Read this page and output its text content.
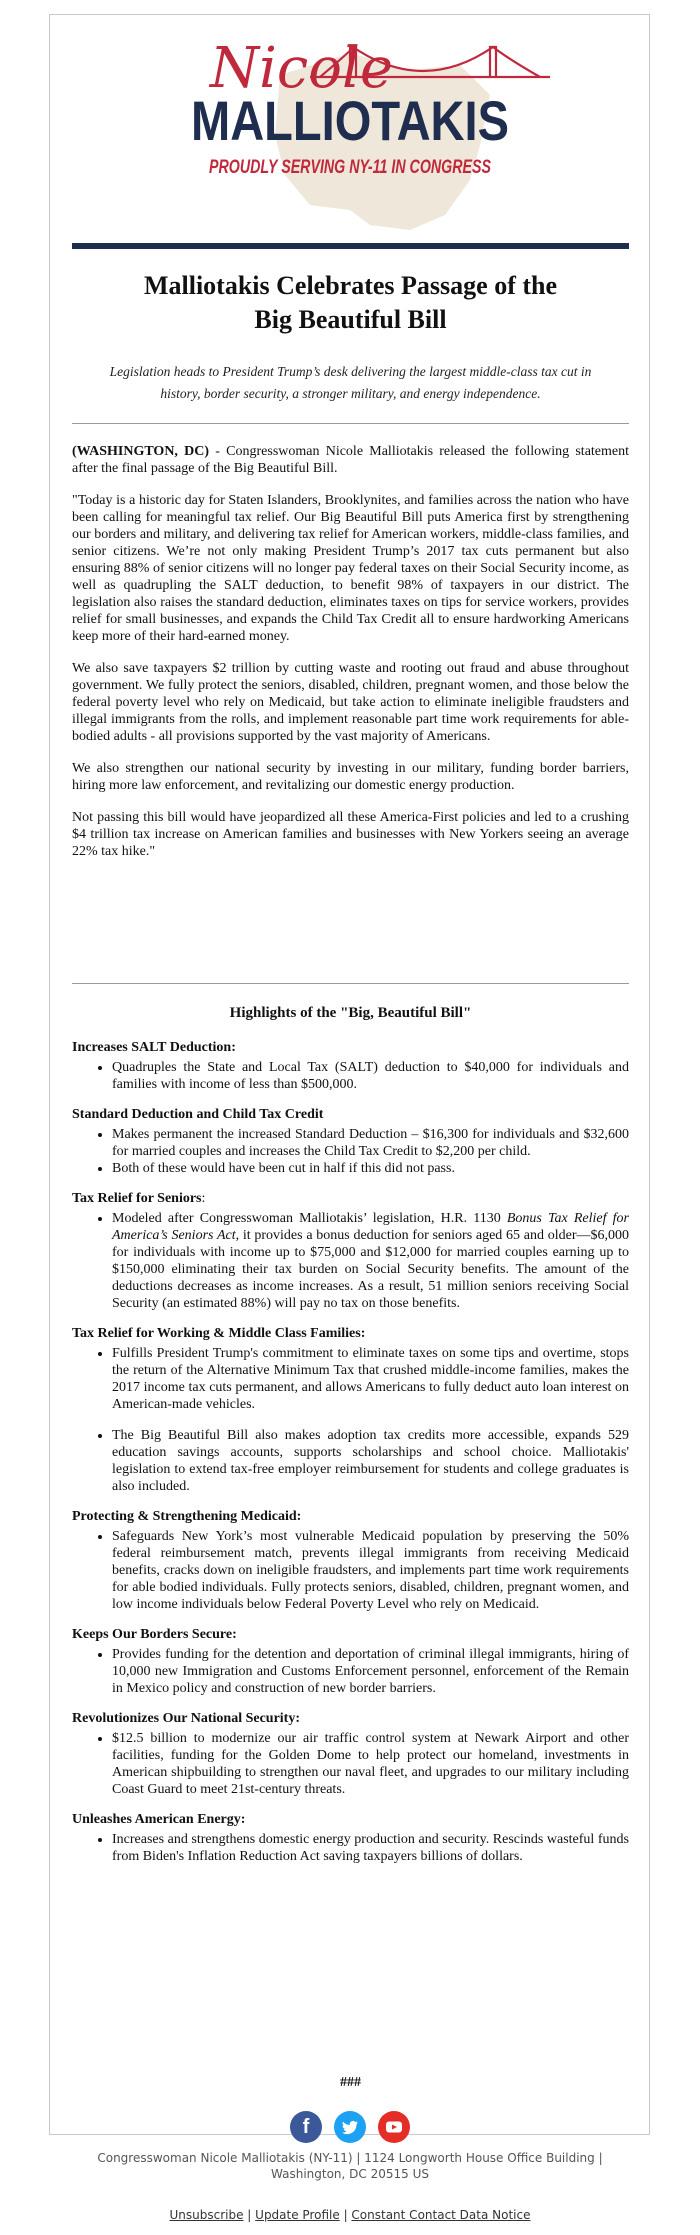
Nicole
MALLIOTAKIS
PROUDLY SERVING NY-11 IN CONGRESS
Malliotakis Celebrates Passage of the
Big Beautiful Bill
Legislation heads to President Trump’s desk delivering the largest middle-class tax cut in
history, border security, a stronger military, and energy independence.

(WASHINGTON, DC) - Congresswoman Nicole Malliotakis released the following statement after the final passage of the Big Beautiful Bill.

"Today is a historic day for Staten Islanders, Brooklynites, and families across the nation who have been calling for meaningful tax relief. Our Big Beautiful Bill puts America first by strengthening our borders and military, and delivering tax relief for American workers, middle-class families, and senior citizens. We’re not only making President Trump’s 2017 tax cuts permanent but also ensuring 88% of senior citizens will no longer pay federal taxes on their Social Security income, as well as quadrupling the SALT deduction, to benefit 98% of taxpayers in our district. The legislation also raises the standard deduction, eliminates taxes on tips for service workers, provides relief for small businesses, and expands the Child Tax Credit all to ensure hardworking Americans keep more of their hard-earned money.

We also save taxpayers $2 trillion by cutting waste and rooting out fraud and abuse throughout government. We fully protect the seniors, disabled, children, pregnant women, and those below the federal poverty level who rely on Medicaid, but take action to eliminate ineligible fraudsters and illegal immigrants from the rolls, and implement reasonable part time work requirements for able-bodied adults - all provisions supported by the vast majority of Americans.

We also strengthen our national security by investing in our military, funding border barriers, hiring more law enforcement, and revitalizing our domestic energy production.

Not passing this bill would have jeopardized all these America-First policies and led to a crushing $4 trillion tax increase on American families and businesses with New Yorkers seeing an average 22% tax hike."

Highlights of the "Big, Beautiful Bill"
Increases SALT Deduction:
• Quadruples the State and Local Tax (SALT) deduction to $40,000 for individuals and families with income of less than $500,000.
Standard Deduction and Child Tax Credit
• Makes permanent the increased Standard Deduction – $16,300 for individuals and $32,600 for married couples and increases the Child Tax Credit to $2,200 per child.
• Both of these would have been cut in half if this did not pass.
Tax Relief for Seniors:
• Modeled after Congresswoman Malliotakis’ legislation, H.R. 1130 Bonus Tax Relief for America’s Seniors Act, it provides a bonus deduction for seniors aged 65 and older—$6,000 for individuals with income up to $75,000 and $12,000 for married couples earning up to $150,000 eliminating their tax burden on Social Security benefits. The amount of the deductions decreases as income increases. As a result, 51 million seniors receiving Social Security (an estimated 88%) will pay no tax on those benefits.
Tax Relief for Working & Middle Class Families:
• Fulfills President Trump's commitment to eliminate taxes on some tips and overtime, stops the return of the Alternative Minimum Tax that crushed middle-income families, makes the 2017 income tax cuts permanent, and allows Americans to fully deduct auto loan interest on American-made vehicles.
• The Big Beautiful Bill also makes adoption tax credits more accessible, expands 529 education savings accounts, supports scholarships and school choice. Malliotakis' legislation to extend tax-free employer reimbursement for students and college graduates is also included.
Protecting & Strengthening Medicaid:
• Safeguards New York’s most vulnerable Medicaid population by preserving the 50% federal reimbursement match, prevents illegal immigrants from receiving Medicaid benefits, cracks down on ineligible fraudsters, and implements part time work requirements for able bodied individuals. Fully protects seniors, disabled, children, pregnant women, and low income individuals below Federal Poverty Level who rely on Medicaid.
Keeps Our Borders Secure:
• Provides funding for the detention and deportation of criminal illegal immigrants, hiring of 10,000 new Immigration and Customs Enforcement personnel, enforcement of the Remain in Mexico policy and construction of new border barriers.
Revolutionizes Our National Security:
• $12.5 billion to modernize our air traffic control system at Newark Airport and other facilities, funding for the Golden Dome to help protect our homeland, investments in American shipbuilding to strengthen our naval fleet, and upgrades to our military including Coast Guard to meet 21st-century threats.
Unleashes American Energy:
• Increases and strengthens domestic energy production and security. Rescinds wasteful funds from Biden's Inflation Reduction Act saving taxpayers billions of dollars.
###
f
Congresswoman Nicole Malliotakis (NY-11) | 1124 Longworth House Office Building |
Washington, DC 20515 US
Unsubscribe | Update Profile | Constant Contact Data Notice
